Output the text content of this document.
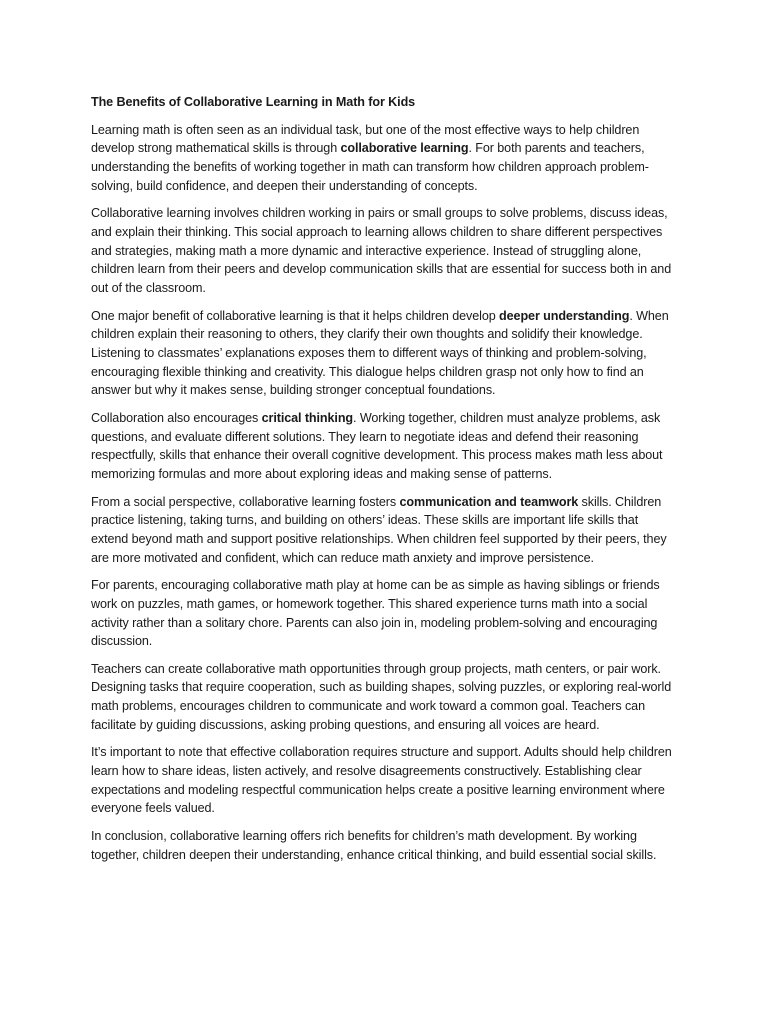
The Benefits of Collaborative Learning in Math for Kids

Learning math is often seen as an individual task, but one of the most effective ways to help children develop strong mathematical skills is through collaborative learning. For both parents and teachers, understanding the benefits of working together in math can transform how children approach problem-solving, build confidence, and deepen their understanding of concepts.

Collaborative learning involves children working in pairs or small groups to solve problems, discuss ideas, and explain their thinking. This social approach to learning allows children to share different perspectives and strategies, making math a more dynamic and interactive experience. Instead of struggling alone, children learn from their peers and develop communication skills that are essential for success both in and out of the classroom.

One major benefit of collaborative learning is that it helps children develop deeper understanding. When children explain their reasoning to others, they clarify their own thoughts and solidify their knowledge. Listening to classmates’ explanations exposes them to different ways of thinking and problem-solving, encouraging flexible thinking and creativity. This dialogue helps children grasp not only how to find an answer but why it makes sense, building stronger conceptual foundations.

Collaboration also encourages critical thinking. Working together, children must analyze problems, ask questions, and evaluate different solutions. They learn to negotiate ideas and defend their reasoning respectfully, skills that enhance their overall cognitive development. This process makes math less about memorizing formulas and more about exploring ideas and making sense of patterns.

From a social perspective, collaborative learning fosters communication and teamwork skills. Children practice listening, taking turns, and building on others’ ideas. These skills are important life skills that extend beyond math and support positive relationships. When children feel supported by their peers, they are more motivated and confident, which can reduce math anxiety and improve persistence.

For parents, encouraging collaborative math play at home can be as simple as having siblings or friends work on puzzles, math games, or homework together. This shared experience turns math into a social activity rather than a solitary chore. Parents can also join in, modeling problem-solving and encouraging discussion.

Teachers can create collaborative math opportunities through group projects, math centers, or pair work. Designing tasks that require cooperation, such as building shapes, solving puzzles, or exploring real-world math problems, encourages children to communicate and work toward a common goal. Teachers can facilitate by guiding discussions, asking probing questions, and ensuring all voices are heard.

It’s important to note that effective collaboration requires structure and support. Adults should help children learn how to share ideas, listen actively, and resolve disagreements constructively. Establishing clear expectations and modeling respectful communication helps create a positive learning environment where everyone feels valued.

In conclusion, collaborative learning offers rich benefits for children’s math development. By working together, children deepen their understanding, enhance critical thinking, and build essential social skills.
